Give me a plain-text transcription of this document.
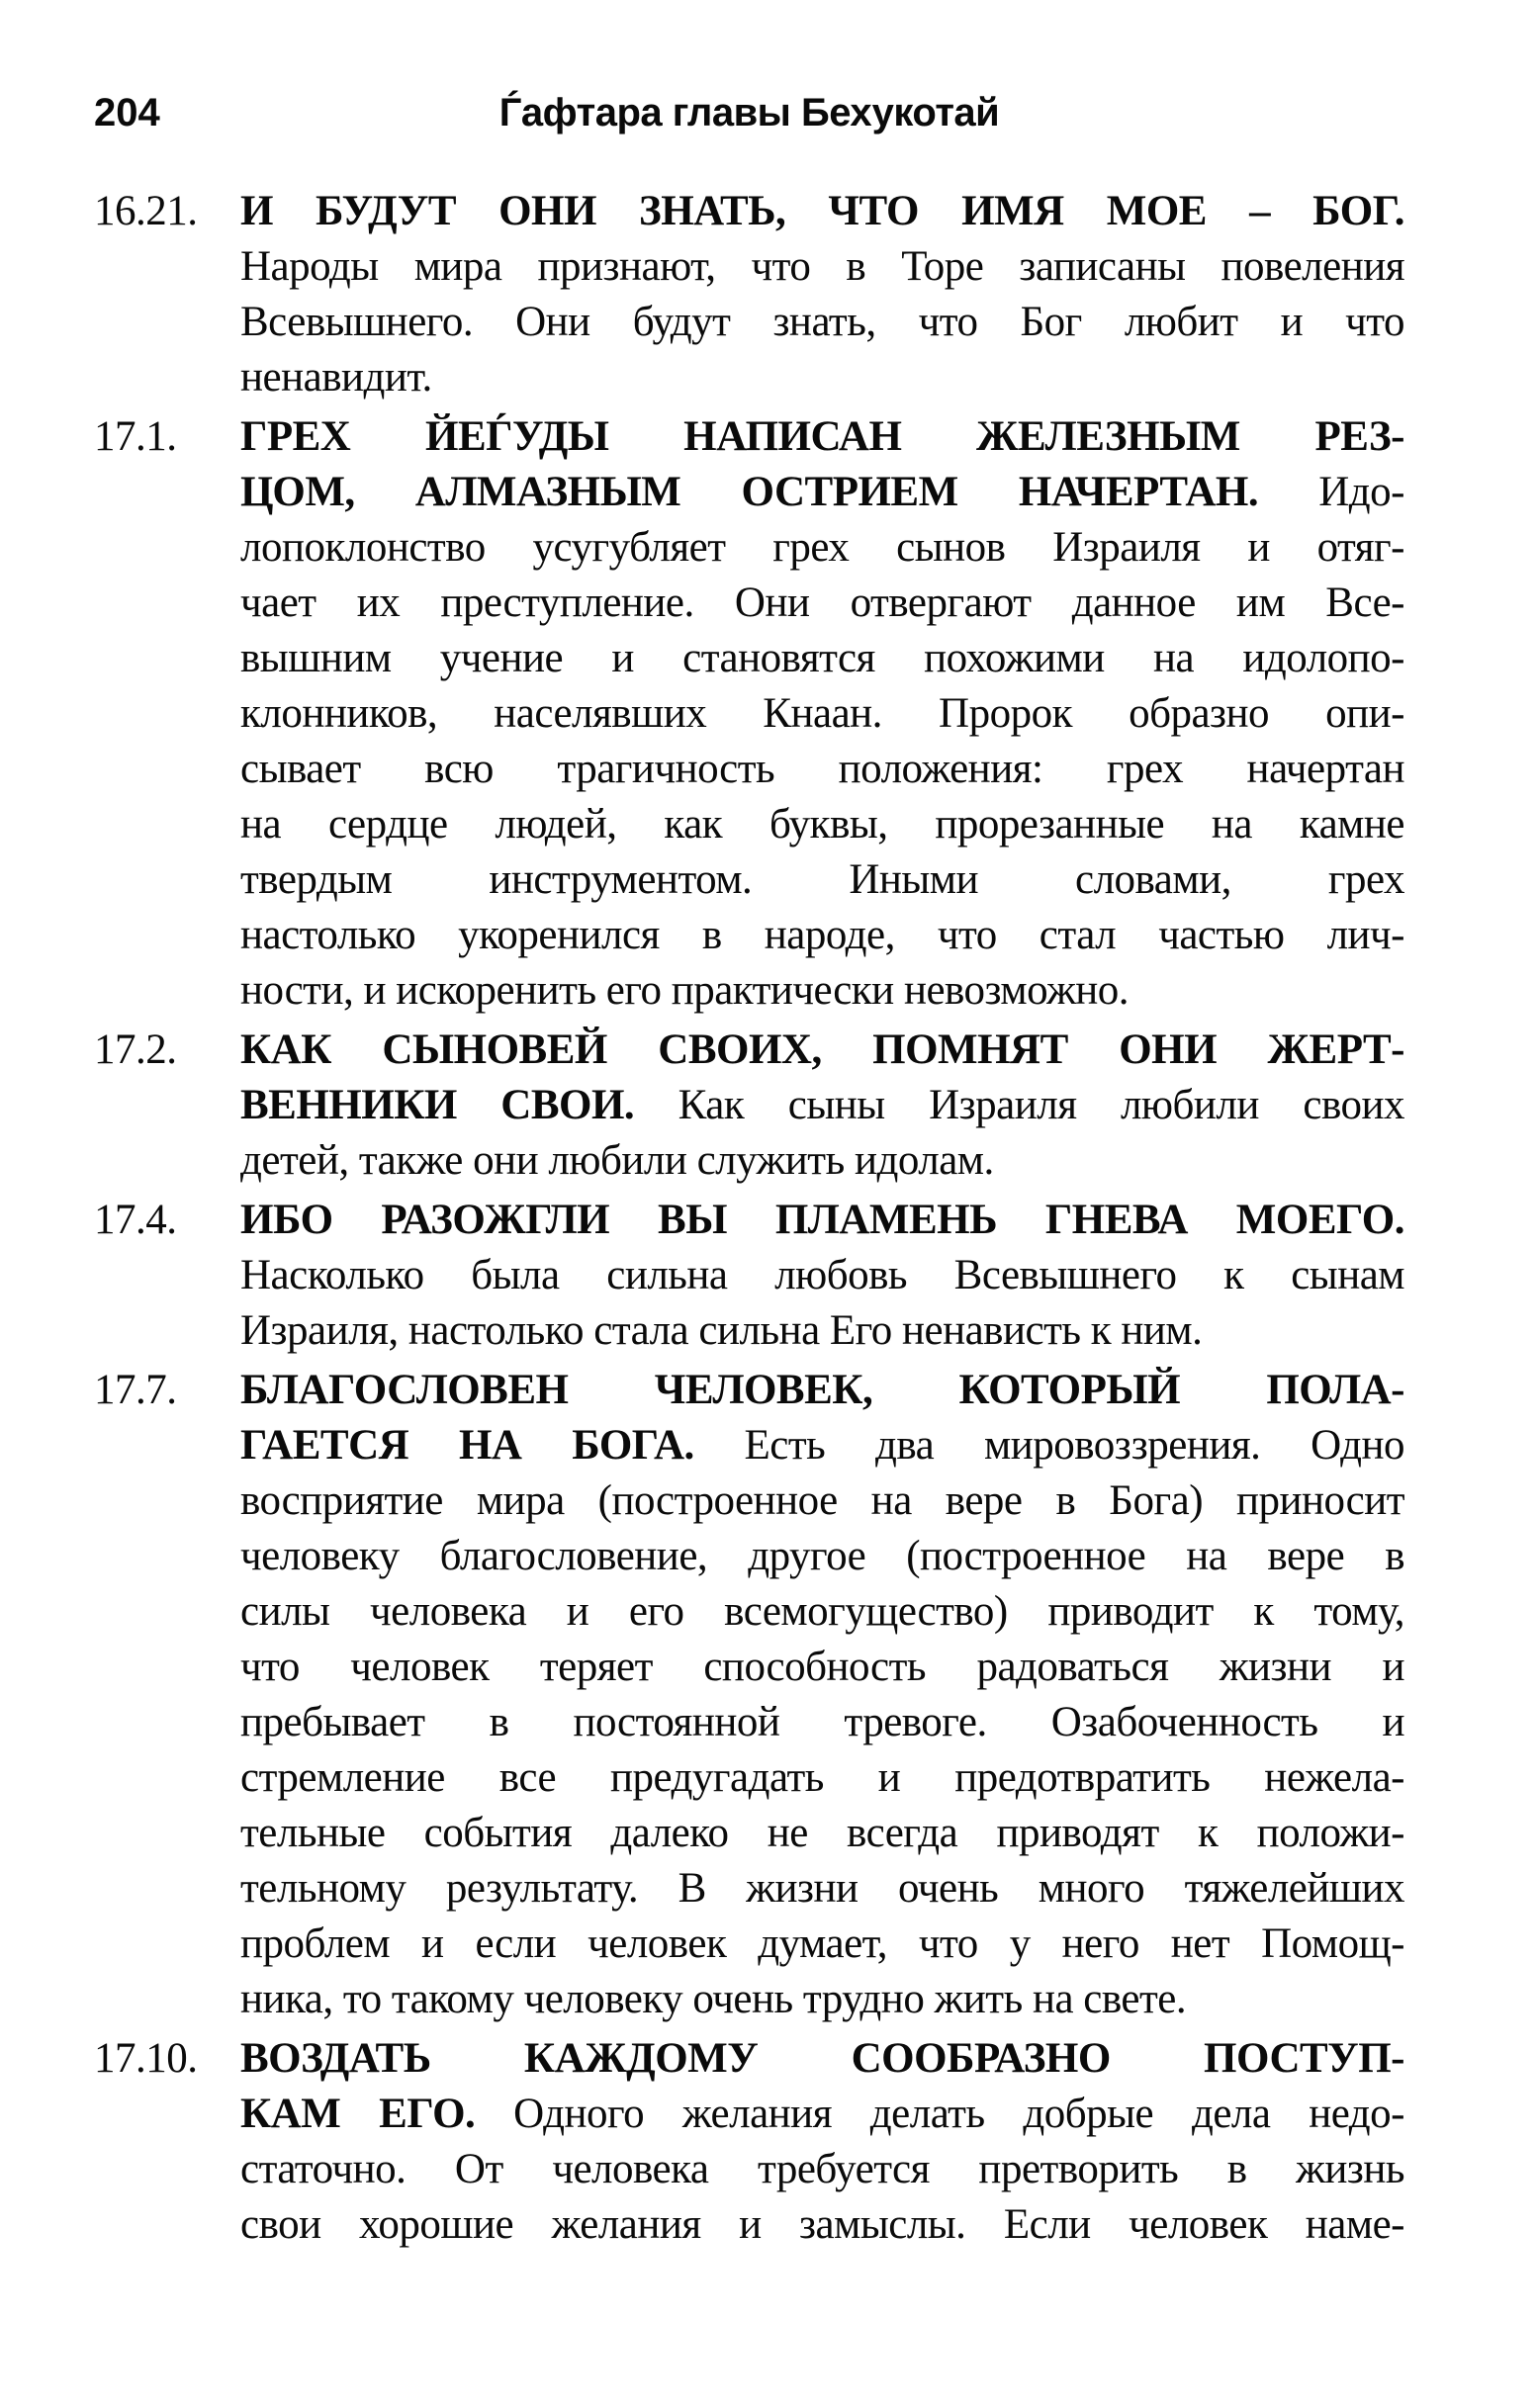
204	Ѓафтара главы Бехукотай
16.21.	И БУДУТ ОНИ ЗНАТЬ, ЧТО ИМЯ МОЕ – БОГ.
Народы мира признают, что в Торе записаны повеления
Всевышнего. Они будут знать, что Бог любит и что
ненавидит.
17.1.	ГРЕХ ЙЕЃУДЫ НАПИСАН ЖЕЛЕЗНЫМ РЕЗ-
ЦОМ, АЛМАЗНЫМ ОСТРИЕМ НАЧЕРТАН. Идо-
лопоклонство усугубляет грех сынов Израиля и отяг-
чает их преступление. Они отвергают данное им Все-
вышним учение и становятся похожими на идолопо-
клонников, населявших Кнаан. Пророк образно опи-
сывает всю трагичность положения: грех начертан
на сердце людей, как буквы, прорезанные на камне
твердым инструментом. Иными словами, грех
настолько укоренился в народе, что стал частью лич-
ности, и искоренить его практически невозможно.
17.2.	КАК СЫНОВЕЙ СВОИХ, ПОМНЯТ ОНИ ЖЕРТ-
ВЕННИКИ СВОИ. Как сыны Израиля любили своих
детей, также они любили служить идолам.
17.4.	ИБО РАЗОЖГЛИ ВЫ ПЛАМЕНЬ ГНЕВА МОЕГО.
Насколько была сильна любовь Всевышнего к сынам
Израиля, настолько стала сильна Его ненависть к ним.
17.7.	БЛАГОСЛОВЕН ЧЕЛОВЕК, КОТОРЫЙ ПОЛА-
ГАЕТСЯ НА БОГА. Есть два мировоззрения. Одно
восприятие мира (построенное на вере в Бога) приносит
человеку благословение, другое (построенное на вере в
силы человека и его всемогущество) приводит к тому,
что человек теряет способность радоваться жизни и
пребывает в постоянной тревоге. Озабоченность и
стремление все предугадать и предотвратить нежела-
тельные события далеко не всегда приводят к положи-
тельному результату. В жизни очень много тяжелейших
проблем и если человек думает, что у него нет Помощ-
ника, то такому человеку очень трудно жить на свете.
17.10.	ВОЗДАТЬ КАЖДОМУ СООБРАЗНО ПОСТУП-
КАМ ЕГО. Одного желания делать добрые дела недо-
статочно. От человека требуется претворить в жизнь
свои хорошие желания и замыслы. Если человек наме-
